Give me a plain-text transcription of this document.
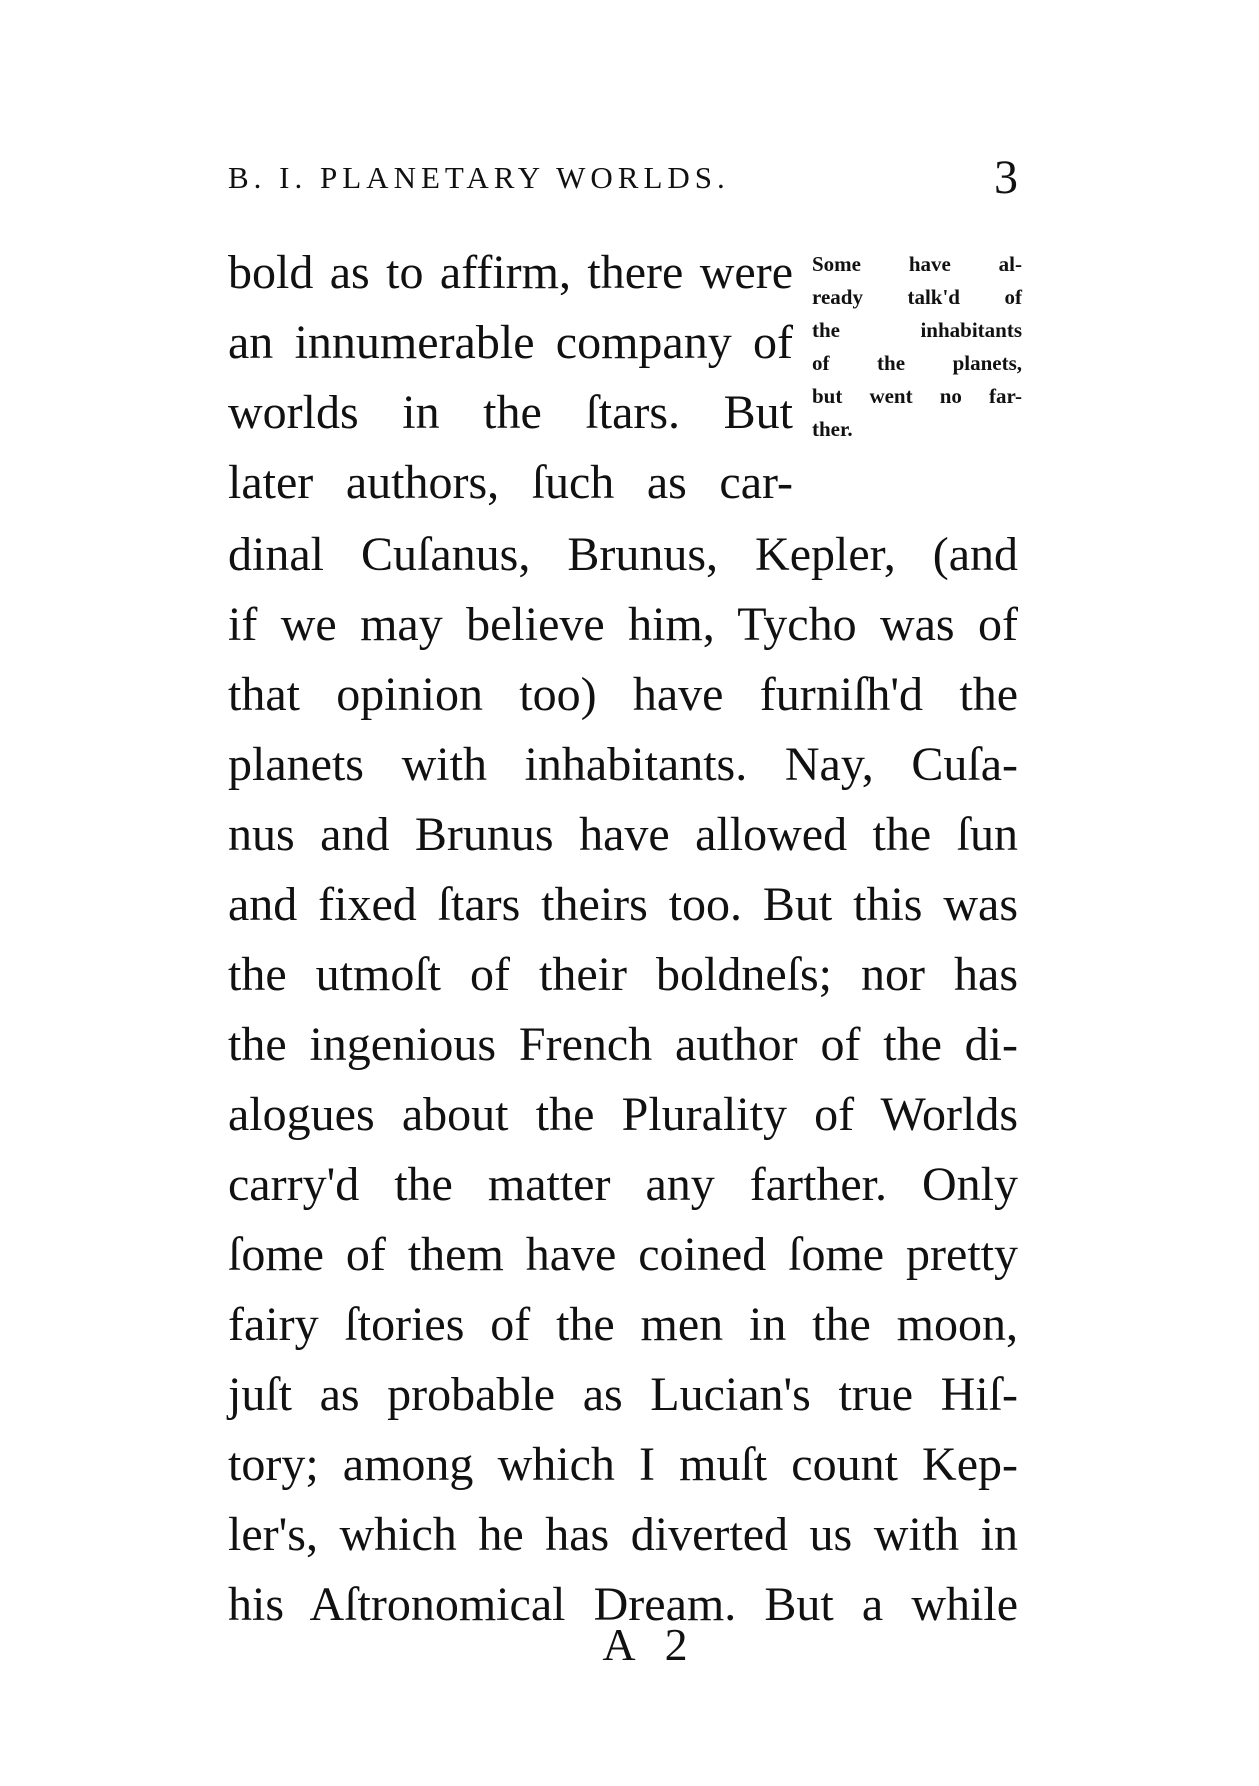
B. I. PLANETARY WORLDS.	3
bold as to affirm, there were
an innumerable company of
worlds in the ſtars. But
later authors, ſuch as car-
Some have al-
ready talk'd of
the inhabitants
of the planets,
but went no far-
ther.
dinal Cuſanus, Brunus, Kepler, (and
if we may believe him, Tycho was of
that opinion too) have furniſh'd the
planets with inhabitants. Nay, Cuſa-
nus and Brunus have allowed the ſun
and fixed ſtars theirs too. But this was
the utmoſt of their boldneſs; nor has
the ingenious French author of the di-
alogues about the Plurality of Worlds
carry'd the matter any farther. Only
ſome of them have coined ſome pretty
fairy ſtories of the men in the moon,
juſt as probable as Lucian's true Hiſ-
tory; among which I muſt count Kep-
ler's, which he has diverted us with in
his Aſtronomical Dream. But a while
A 2
